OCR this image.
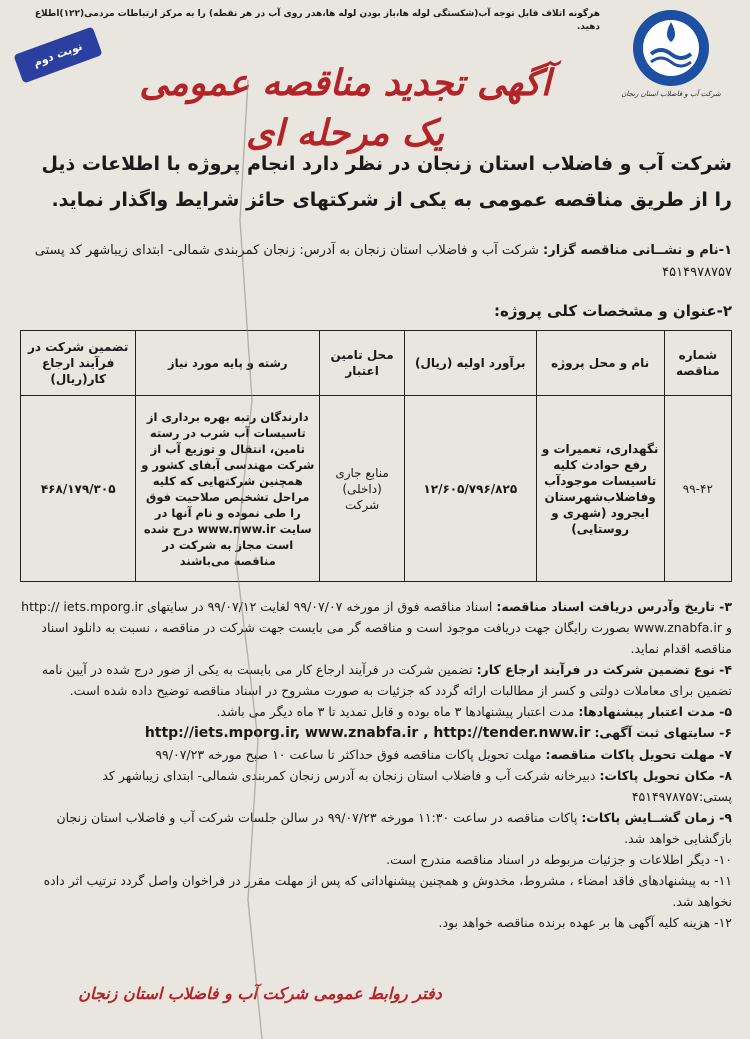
شرکت آب و فاضلاب استان زنجان
هرگونه اتلاف قابل توجه آب(شکستگی لوله ها،باز بودن لوله ها،هدر روی آب در هر نقطه) را به مرکز ارتباطات مردمی(۱۲۲)اطلاع دهید.
نوبت دوم
آگهی تجدید مناقصه عمومی یک مرحله ای
شرکت آب و فاضلاب استان زنجان در نظر دارد انجام پروژه با اطلاعات ذیل را از طریق مناقصه عمومی به یکی از شرکتهای حائز شرایط واگذار نماید.
۱-نام و نشــانی مناقصه گزار: شرکت آب و فاضلاب استان زنجان به آدرس: زنجان کمربندی شمالی- ابتدای زیباشهر کد پستی ۴۵۱۴۹۷۸۷۵۷
۲-عنوان و مشخصات کلی پروژه:
شماره مناقصه	نام و محل پروژه	برآورد اولیه (ریال)	محل تامین اعتبار	رشته و پایه مورد نیاز	تضمین شرکت در فرآیند ارجاع کار(ریال)
۹۹-۴۲	نگهداری، تعمیرات و رفع حوادث کلیه تاسیسات موجودآب وفاضلاب‌شهرستان ایجرود (شهری و روستایی)	۱۲/۶۰۵/۷۹۶/۸۲۵	منابع جاری (داخلی) شرکت	دارندگان رتبه بهره برداری از تاسیسات آب شرب در رسته تامین، انتقال و توزیع آب از شرکت مهندسی آبفای کشور و همچنین شرکتهایی که کلیه مراحل تشخیص صلاحیت فوق را طی نموده و نام آنها در سایت www.nww.ir درج شده است مجاز به شرکت در مناقصه می‌باشند	۴۶۸/۱۷۹/۳۰۵

۳- تاریخ وآدرس دریافت اسناد مناقصه: اسناد مناقصه فوق از مورخه ۹۹/۰۷/۰۷ لغایت ۹۹/۰۷/۱۲ در سایتهای http:// iets.mporg.ir و www.znabfa.ir بصورت رایگان جهت دریافت موجود است و مناقصه گر می بایست جهت شرکت در مناقصه ، نسبت به دانلود اسناد مناقصه اقدام نماید.

۴- نوع تضمین شرکت در فرآیند ارجاع کار: تضمین شرکت در فرآیند ارجاع کار می بایست به یکی از صور درج شده در آیین نامه تضمین برای معاملات دولتی و کسر از مطالبات ارائه گردد که جزئیات به صورت مشروح در اسناد مناقصه توضیح داده شده است.

۵- مدت اعتبار پیشنهادها: مدت اعتبار پیشنهادها ۳ ماه بوده و قابل تمدید تا ۳ ماه دیگر می باشد.

۶- سایتهای ثبت آگهی: http://iets.mporg.ir, www.znabfa.ir , http://tender.nww.ir

۷- مهلت تحویل پاکات مناقصه: مهلت تحویل پاکات مناقصه فوق حداکثر تا ساعت ۱۰ صبح مورخه ۹۹/۰۷/۲۳

۸- مکان تحویل پاکات: دبیرخانه شرکت آب و فاضلاب استان زنجان به آدرس زنجان کمربندی شمالی- ابتدای زیباشهر کد پستی:۴۵۱۴۹۷۸۷۵۷

۹- زمان گشــایش پاکات: پاکات مناقصه در ساعت ۱۱:۳۰ مورخه ۹۹/۰۷/۲۳ در سالن جلسات شرکت آب و فاضلاب استان زنجان بازگشایی خواهد شد.

۱۰- دیگر اطلاعات و جزئیات مربوطه در اسناد مناقصه مندرج است.

۱۱- به پیشنهادهای فاقد امضاء ، مشروط، مخدوش و همچنین پیشنهاداتی که پس از مهلت مقرر در فراخوان واصل گردد ترتیب اثر داده نخواهد شد.

۱۲- هزینه کلیه آگهی ها بر عهده برنده مناقصه خواهد بود.

دفتر روابط عمومی شرکت آب و فاضلاب استان زنجان
